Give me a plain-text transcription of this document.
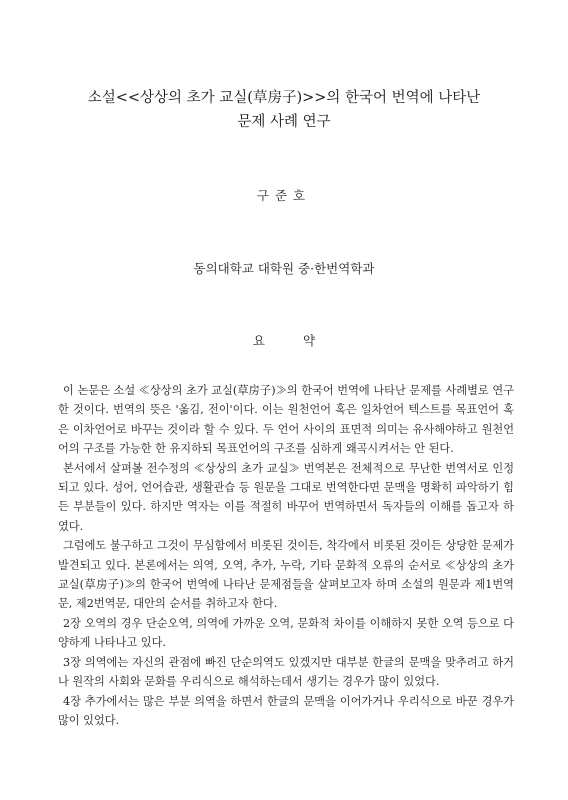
소설<<상상의 초가 교실(草房子)>>의 한국어 번역에 나타난
문제 사례 연구
구준호
동의대학교 대학원 중·한번역학과
요	약

이 논문은 소설 ≪상상의 초가 교실(草房子)≫의 한국어 번역에 나타난 문제를 사례별로 연구한 것이다. 번역의 뜻은 '옮김, 전이'이다. 이는 원천언어 혹은 일차언어 텍스트를 목표언어 혹은 이차언어로 바꾸는 것이라 할 수 있다. 두 언어 사이의 표면적 의미는 유사해야하고 원천언어의 구조를 가능한 한 유지하되 목표언어의 구조를 심하게 왜곡시켜서는 안 된다.

본서에서 살펴볼 전수정의 ≪상상의 초가 교실≫ 번역본은 전체적으로 무난한 번역서로 인정 되고 있다. 성어, 언어습관, 생활관습 등 원문을 그대로 번역한다면 문맥을 명확히 파악하기 힘든 부분들이 있다. 하지만 역자는 이를 적절히 바꾸어 번역하면서 독자들의 이해를 돕고자 하였다.

그럼에도 불구하고 그것이 무심함에서 비롯된 것이든, 착각에서 비롯된 것이든 상당한 문제가 발견되고 있다. 본론에서는 의역, 오역, 추가, 누락, 기타 문화적 오류의 순서로 ≪상상의 초가 교실(草房子)≫의 한국어 번역에 나타난 문제점들을 살펴보고자 하며 소설의 원문과 제1번역문, 제2번역문, 대안의 순서를 취하고자 한다.

2장 오역의 경우 단순오역, 의역에 가까운 오역, 문화적 차이를 이해하지 못한 오역 등으로 다양하게 나타나고 있다.

3장 의역에는 자신의 관점에 빠진 단순의역도 있겠지만 대부분 한글의 문맥을 맞추려고 하거나 원작의 사회와 문화를 우리식으로 해석하는데서 생기는 경우가 많이 있었다.

4장 추가에서는 많은 부분 의역을 하면서 한글의 문맥을 이어가거나 우리식으로 바꾼 경우가 많이 있었다.
